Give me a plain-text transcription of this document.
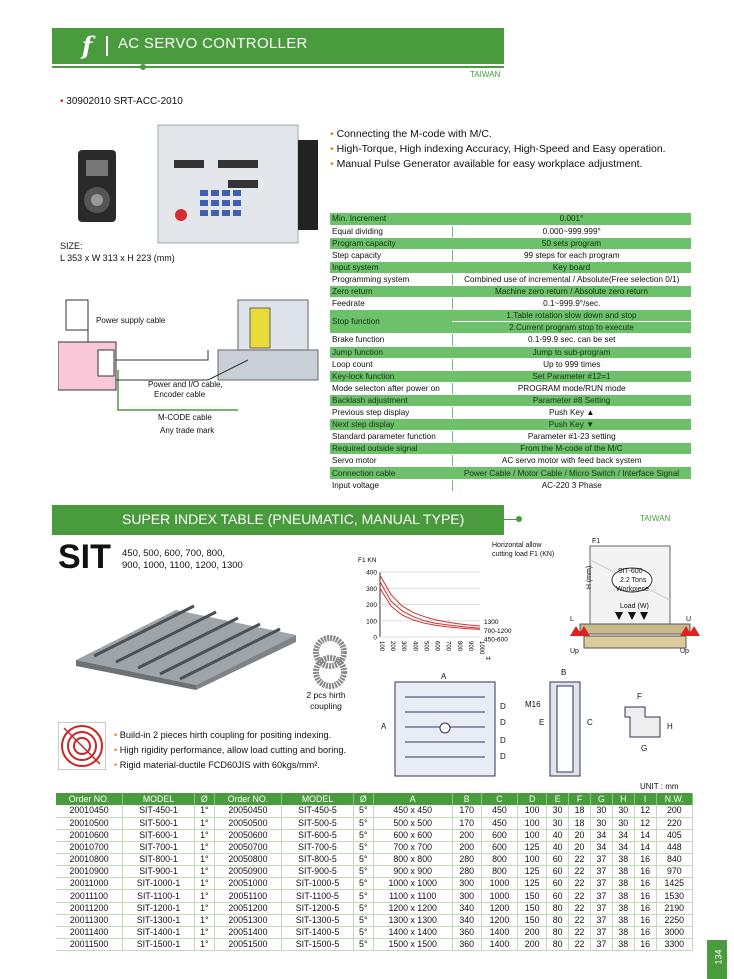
f	AC SERVO CONTROLLER
TAIWAN
• 30902010 SRT-ACC-2010
SIZE:
L 353 x W 313 x H 223 (mm)
• Connecting the M-code with M/C.
• High-Torque, High indexing Accuracy, High-Speed and Easy operation.
• Manual Pulse Generator available for easy workplace adjustment.
Min. Increment	0.001°
Equal dividing	0.000~999.999°
Program capacity	50 sets program
Step capacity	99 steps for each program
Input system	Key board
Programming system	Combined use of incremental / Absolute(Free selection 0/1)
Zero return	Machine zero return / Absolute zero return
Feedrate	0.1~999.9°/sec.
Stop function	1.Table rotation slow down and stop
	2.Current program stop to execute
Brake function	0.1-99.9 sec. can be set
Jump function	Jump to sub-program
Loop count	Up to 999 times
Key-lock function	Set Parameter #12=1
Mode selecton after power on	PROGRAM mode/RUN mode
Backlash adjustment	Parameter #8 Setting
Previous step display	Push Key ▲
Next step display	Push Key ▼
Standard parameter function	Parameter #1-23 setting
Required outside signal	From the M-code of the M/C
Servo motor	AC servo motor with feed back system
Connection cable	Power Cable / Motor Cable / Micro Switch / Interface Signal
Input voltage	AC-220 3 Phase
Power supply cable
Power and I/O cable,
Encoder cable
M-CODE cable
Any trade mark
SUPER INDEX TABLE (PNEUMATIC, MANUAL TYPE)	TAIWAN
SIT 450, 500, 600, 700, 800,
900, 1000, 1100, 1200, 1300
2 pcs hirth
coupling
0
100
200
300
400
100 200 300 400 500 600 700 800 900 1000
F1 KN
H
1300
700-1200
450-600
Horizontal allow
cutting load F1 (KN)
F1
SIT-600
2.2 Tons
Workpiece
Load (W)
L	U
Up	Up
H (mm)
A
A
D
D
D
D
M16
E
B
C
F
H
G
• Build-in 2 pieces hirth coupling for positing indexing.
• High rigidity performance, allow load cutting and boring.
• Rigid material-ductile FCD60JIS with 60kgs/mm².
UNIT : mm
Order NO.	MODEL	Ø	Order NO.	MODEL	Ø	A	B	C	D	E	F	G	H	I	N.W.
20010450	SIT-450-1	1°	20050450	SIT-450-5	5°	450 x 450	170	450	100	30	18	30	30	12	200
20010500	SIT-500-1	1°	20050500	SIT-500-5	5°	500 x 500	170	450	100	30	18	30	30	12	220
20010600	SIT-600-1	1°	20050600	SIT-600-5	5°	600 x 600	200	600	100	40	20	34	34	14	405
20010700	SIT-700-1	1°	20050700	SIT-700-5	5°	700 x 700	200	600	125	40	20	34	34	14	448
20010800	SIT-800-1	1°	20050800	SIT-800-5	5°	800 x 800	280	800	100	60	22	37	38	16	840
20010900	SIT-900-1	1°	20050900	SIT-900-5	5°	900 x 900	280	800	125	60	22	37	38	16	970
20011000	SIT-1000-1	1°	20051000	SIT-1000-5	5°	1000 x 1000	300	1000	125	60	22	37	38	16	1425
20011100	SIT-1100-1	1°	20051100	SIT-1100-5	5°	1100 x 1100	300	1000	150	60	22	37	38	16	1530
20011200	SIT-1200-1	1°	20051200	SIT-1200-5	5°	1200 x 1200	340	1200	150	80	22	37	38	16	2190
20011300	SIT-1300-1	1°	20051300	SIT-1300-5	5°	1300 x 1300	340	1200	150	80	22	37	38	16	2250
20011400	SIT-1400-1	1°	20051400	SIT-1400-5	5°	1400 x 1400	360	1400	200	80	22	37	38	16	3000
20011500	SIT-1500-1	1°	20051500	SIT-1500-5	5°	1500 x 1500	360	1400	200	80	22	37	38	16	3300
134
